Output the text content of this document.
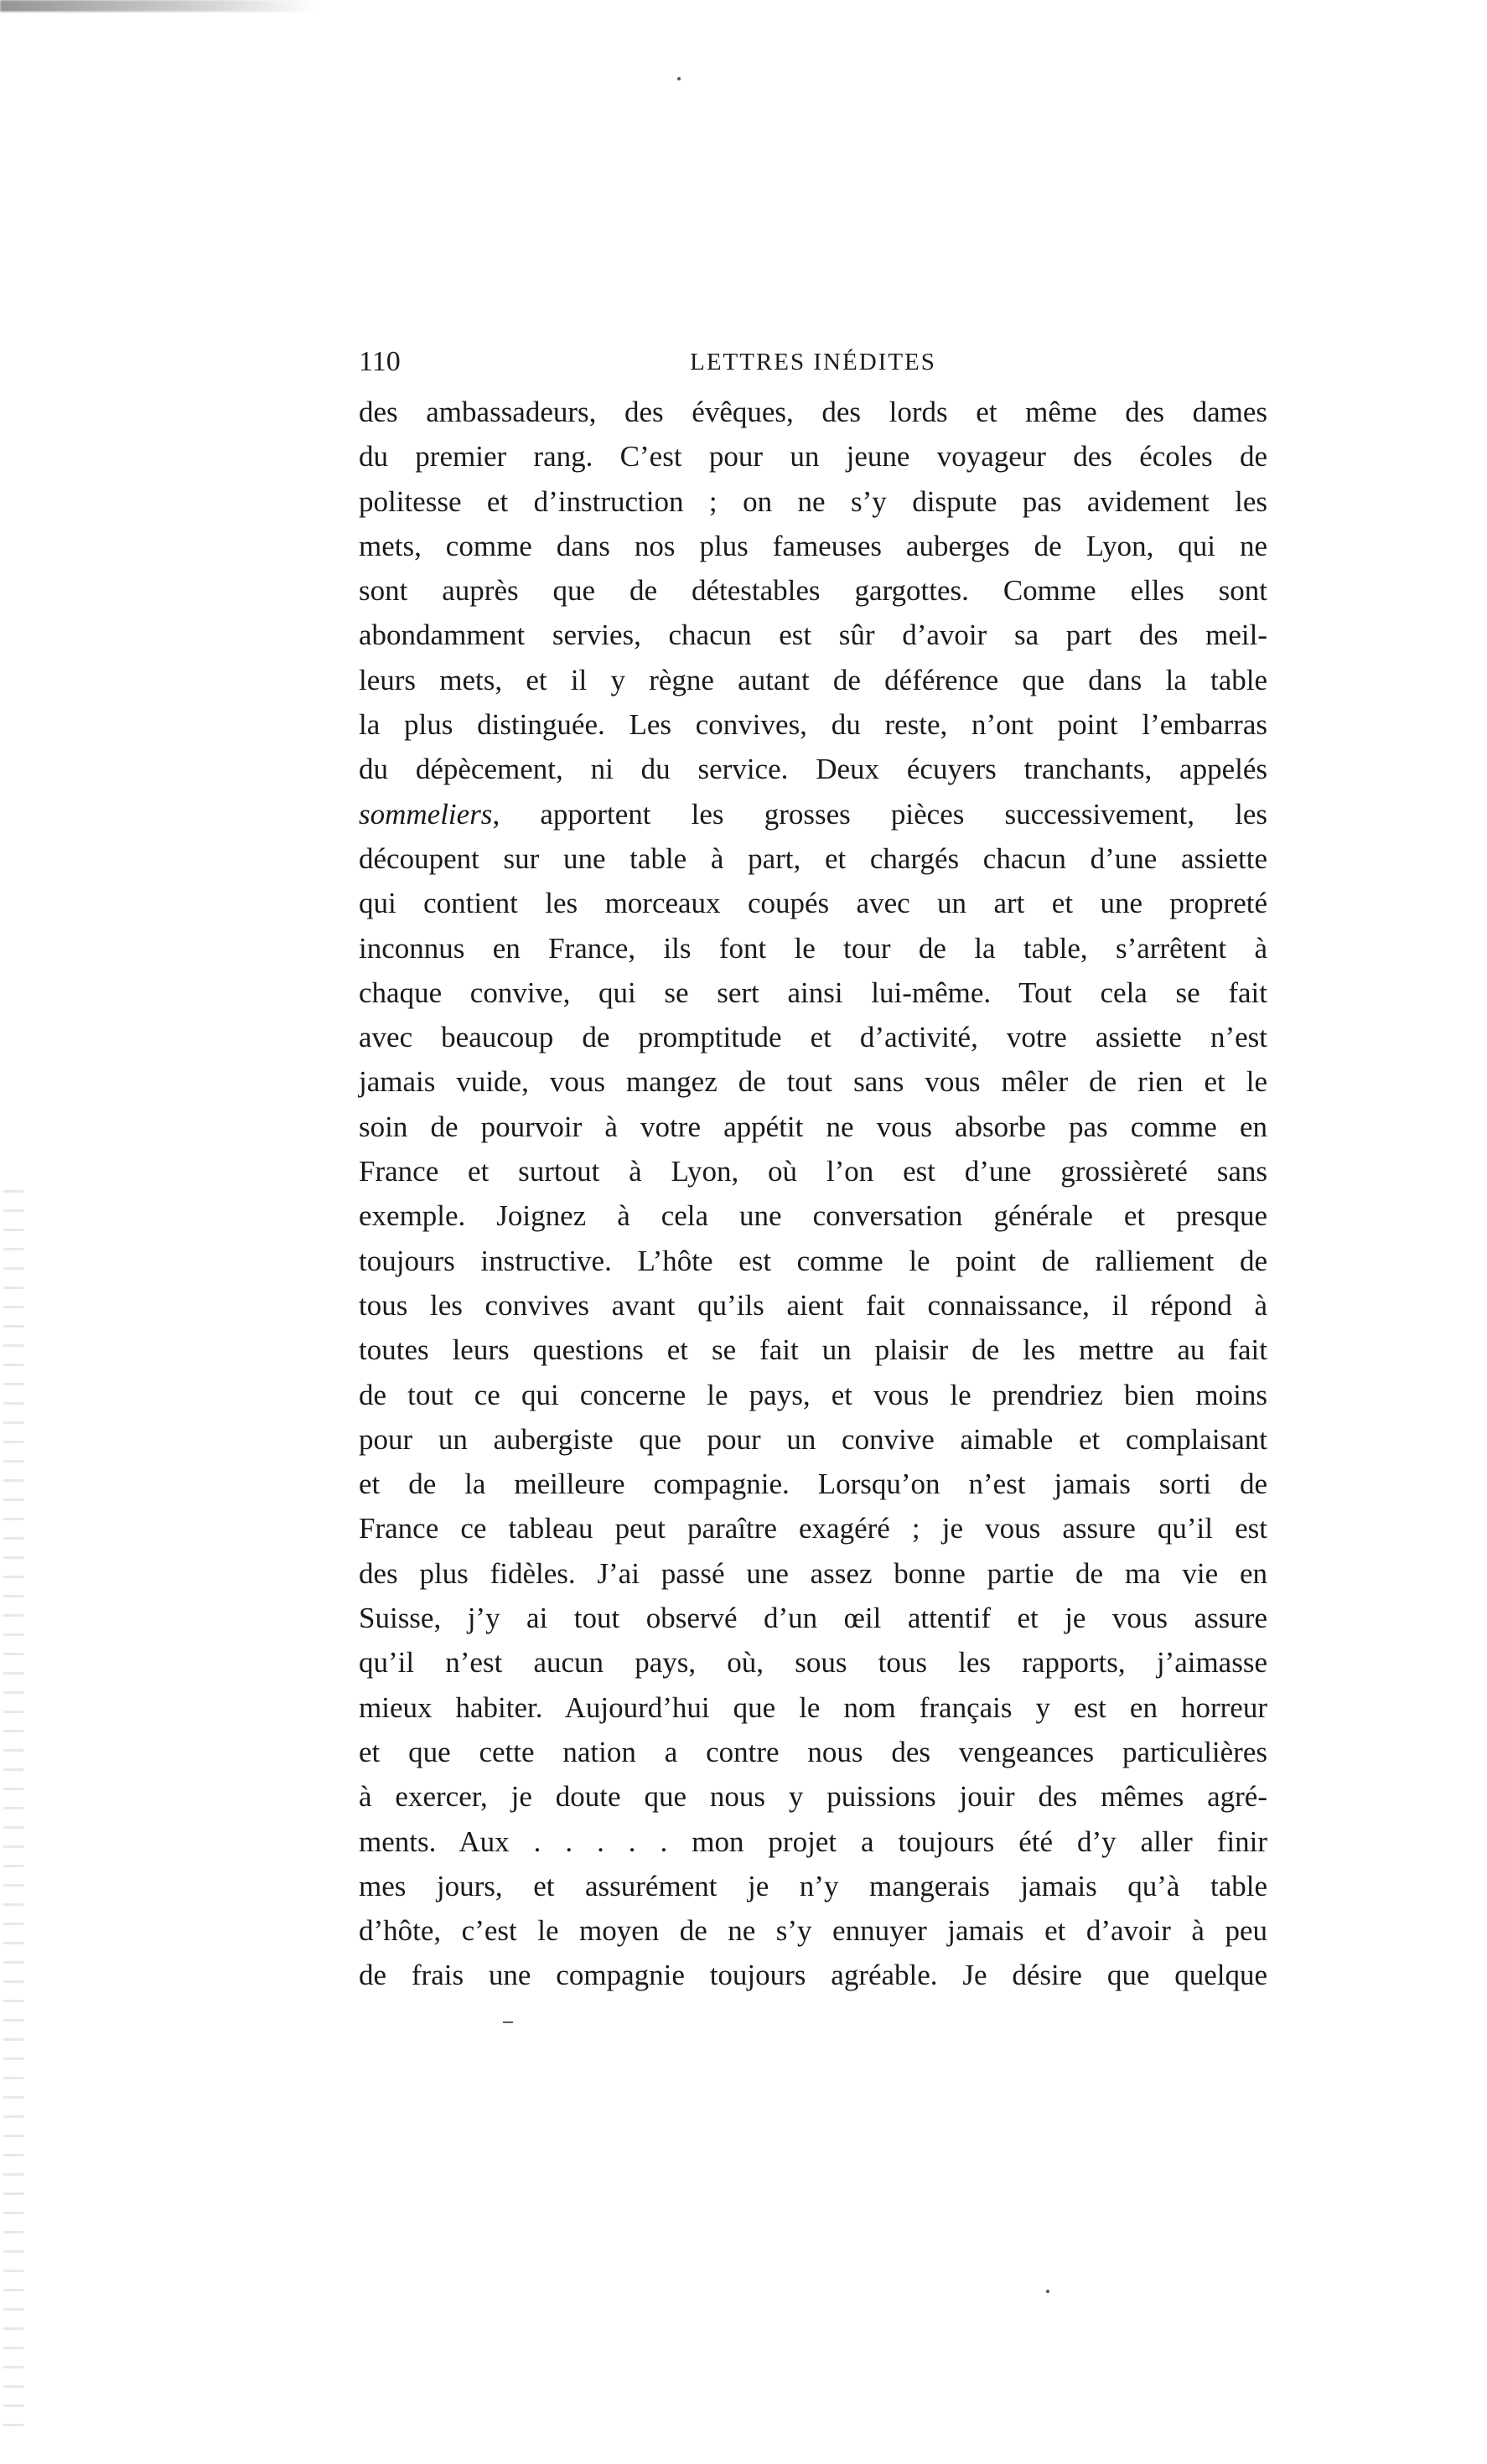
110	LETTRES INÉDITES
des ambassadeurs, des évêques, des lords et même des dames
du premier rang. C’est pour un jeune voyageur des écoles de
politesse et d’instruction ; on ne s’y dispute pas avidement les
mets, comme dans nos plus fameuses auberges de Lyon, qui ne
sont auprès que de détestables gargottes. Comme elles sont
abondamment servies, chacun est sûr d’avoir sa part des meil-
leurs mets, et il y règne autant de déférence que dans la table
la plus distinguée. Les convives, du reste, n’ont point l’embarras
du dépècement, ni du service. Deux écuyers tranchants, appelés
sommeliers, apportent les grosses pièces successivement, les
découpent sur une table à part, et chargés chacun d’une assiette
qui contient les morceaux coupés avec un art et une propreté
inconnus en France, ils font le tour de la table, s’arrêtent à
chaque convive, qui se sert ainsi lui-même. Tout cela se fait
avec beaucoup de promptitude et d’activité, votre assiette n’est
jamais vuide, vous mangez de tout sans vous mêler de rien et le
soin de pourvoir à votre appétit ne vous absorbe pas comme en
France et surtout à Lyon, où l’on est d’une grossièreté sans
exemple. Joignez à cela une conversation générale et presque
toujours instructive. L’hôte est comme le point de ralliement de
tous les convives avant qu’ils aient fait connaissance, il répond à
toutes leurs questions et se fait un plaisir de les mettre au fait
de tout ce qui concerne le pays, et vous le prendriez bien moins
pour un aubergiste que pour un convive aimable et complaisant
et de la meilleure compagnie. Lorsqu’on n’est jamais sorti de
France ce tableau peut paraître exagéré ; je vous assure qu’il est
des plus fidèles. J’ai passé une assez bonne partie de ma vie en
Suisse, j’y ai tout observé d’un œil attentif et je vous assure
qu’il n’est aucun pays, où, sous tous les rapports, j’aimasse
mieux habiter. Aujourd’hui que le nom français y est en horreur
et que cette nation a contre nous des vengeances particulières
à exercer, je doute que nous y puissions jouir des mêmes agré-
ments. Aux . . . . . mon projet a toujours été d’y aller finir
mes jours, et assurément je n’y mangerais jamais qu’à table
d’hôte, c’est le moyen de ne s’y ennuyer jamais et d’avoir à peu
de frais une compagnie toujours agréable. Je désire que quelque
